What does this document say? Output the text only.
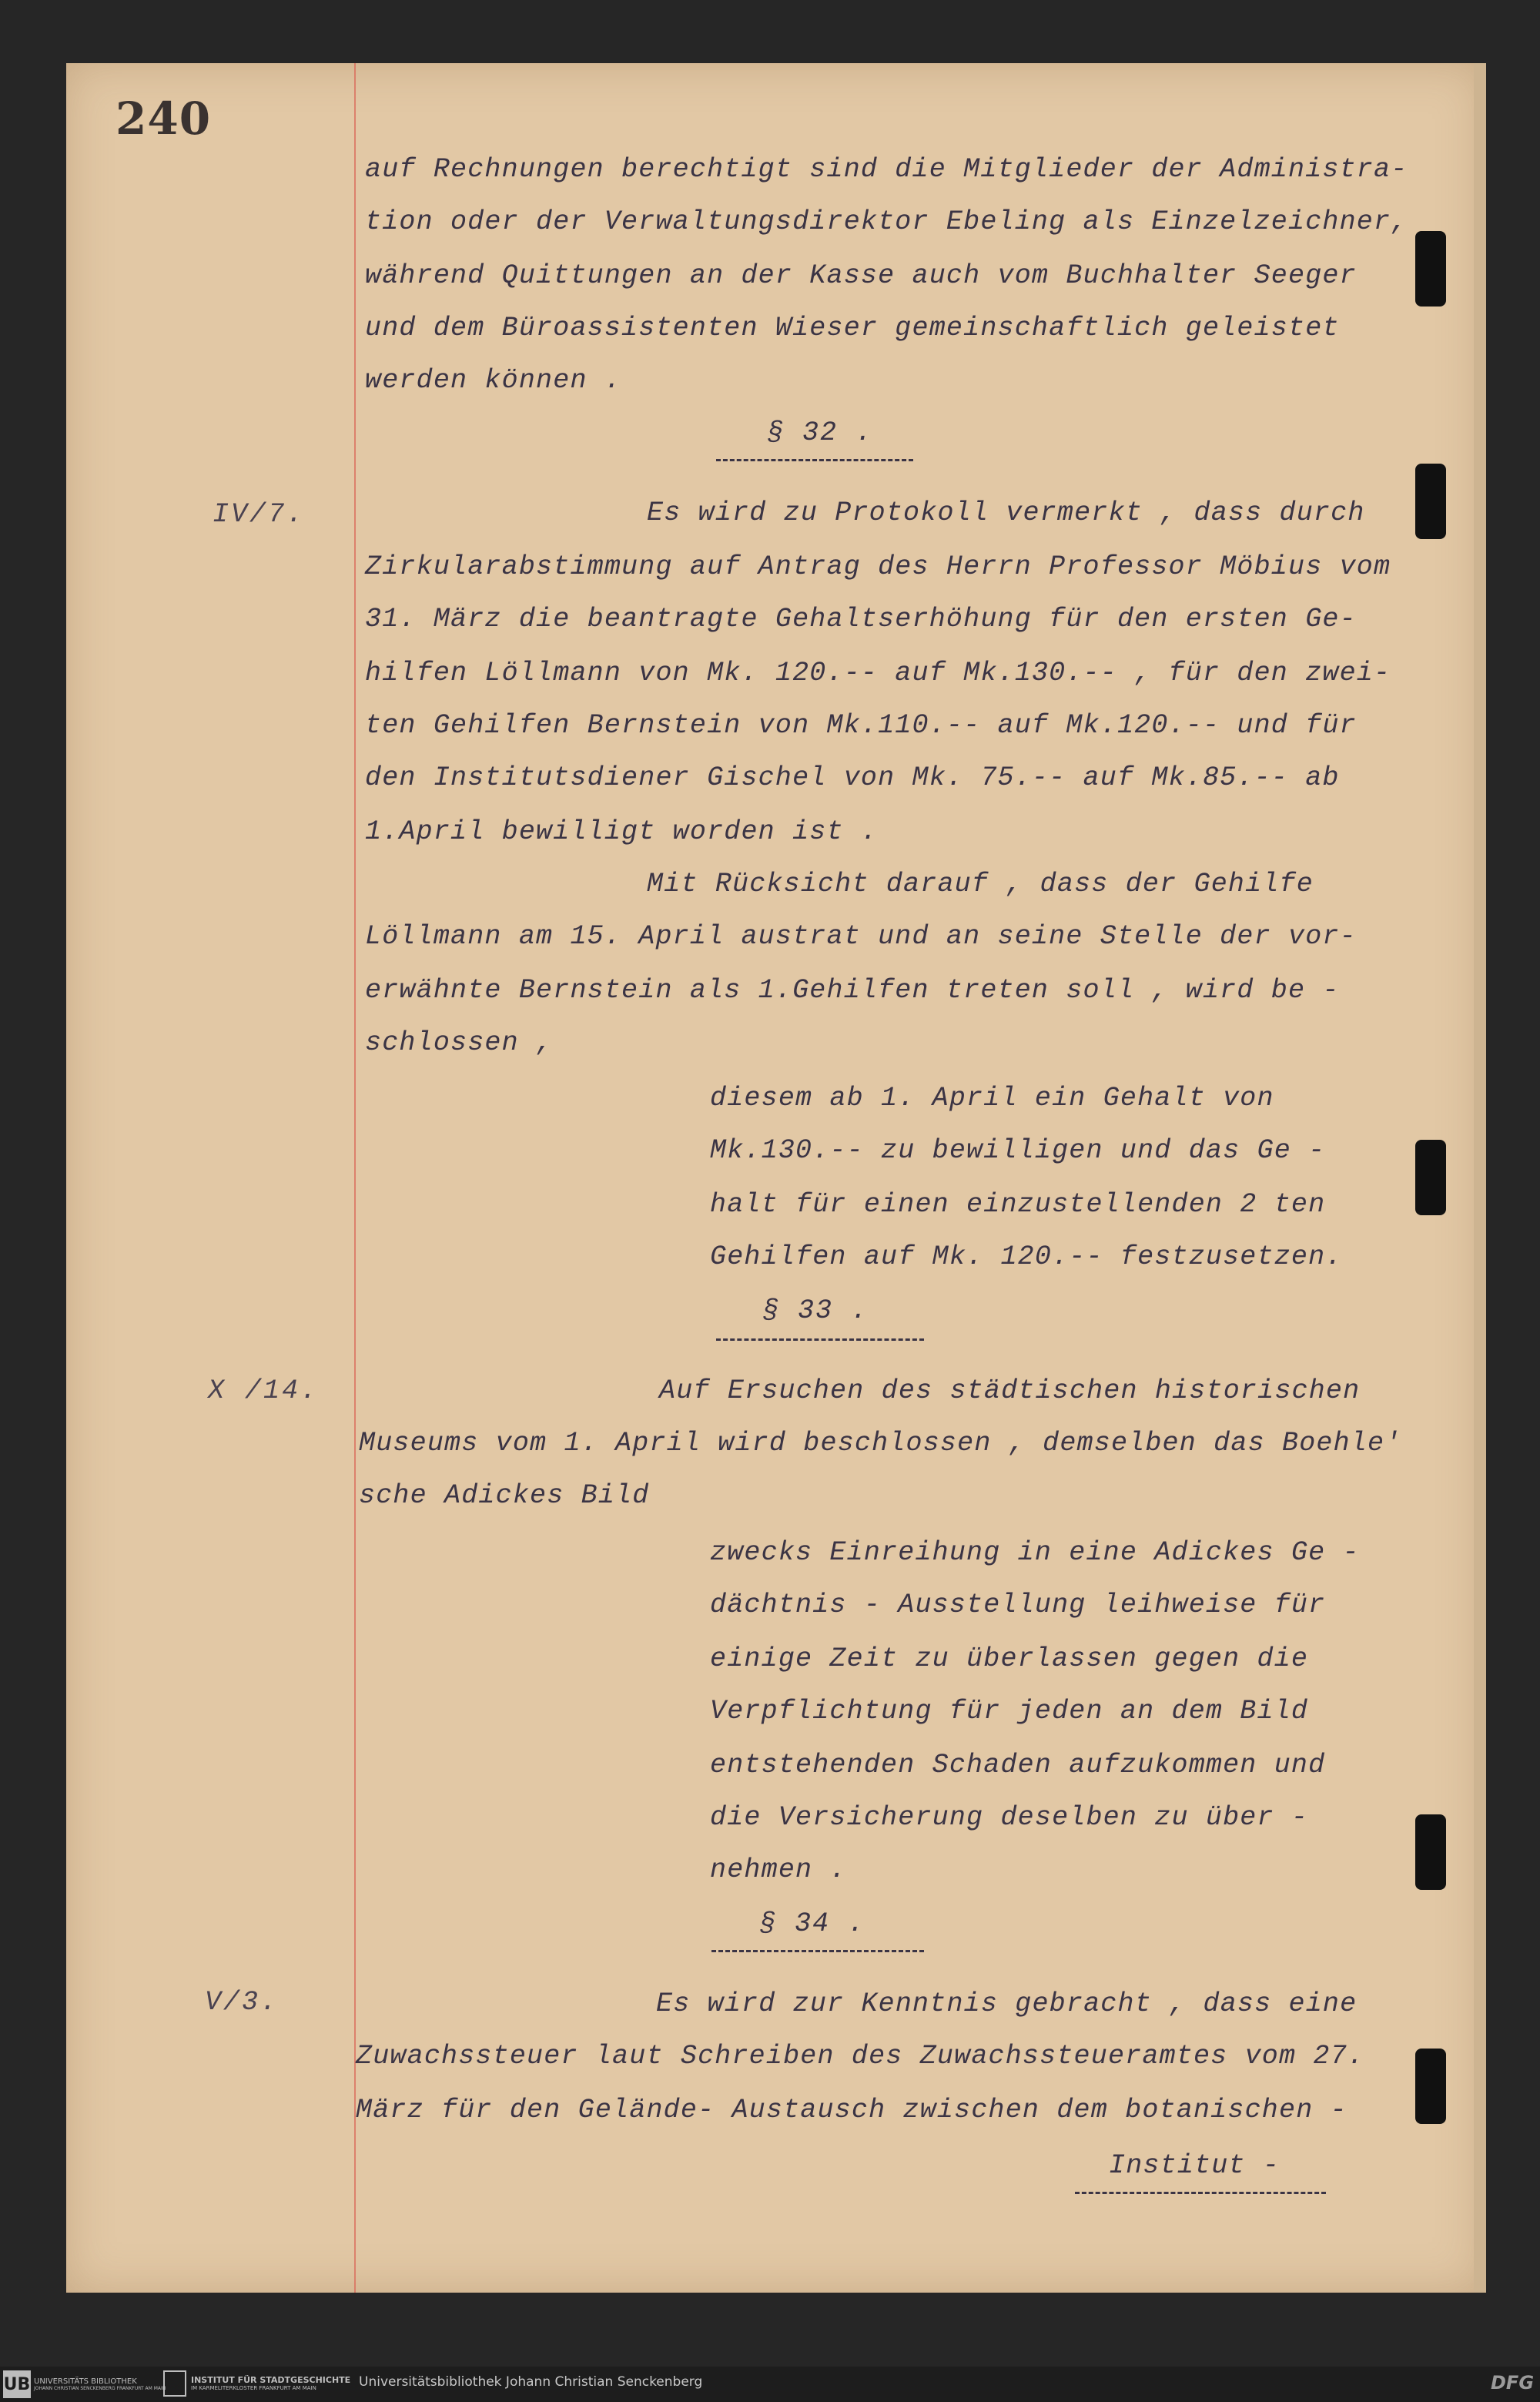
240
auf Rechnungen berechtigt sind die Mitglieder der Administra-
tion oder der Verwaltungsdirektor Ebeling als Einzelzeichner,
während Quittungen an der Kasse auch vom Buchhalter Seeger
und dem Büroassistenten Wieser gemeinschaftlich geleistet
werden können .
§ 32 .
IV/7.	Es wird zu Protokoll vermerkt , dass durch
Zirkularabstimmung auf Antrag des Herrn Professor Möbius vom
31. März die beantragte Gehaltserhöhung für den ersten Ge-
hilfen Löllmann von Mk. 120.-- auf Mk.130.-- , für den zwei-
ten Gehilfen Bernstein von Mk.110.-- auf Mk.120.-- und für
den Institutsdiener Gischel von Mk. 75.-- auf Mk.85.-- ab
1.April bewilligt worden ist .
Mit Rücksicht darauf , dass der Gehilfe
Löllmann am 15. April austrat und an seine Stelle der vor-
erwähnte Bernstein als 1.Gehilfen treten soll , wird be -
schlossen ,
diesem ab 1. April ein Gehalt von
Mk.130.-- zu bewilligen und das Ge -
halt für einen einzustellenden 2 ten
Gehilfen auf Mk. 120.-- festzusetzen.
§ 33 .
X /14.	Auf Ersuchen des städtischen historischen
Museums vom 1. April wird beschlossen , demselben das Boehle'
sche Adickes Bild
zwecks Einreihung in eine Adickes Ge -
dächtnis - Ausstellung leihweise für
einige Zeit zu überlassen gegen die
Verpflichtung für jeden an dem Bild
entstehenden Schaden aufzukommen und
die Versicherung deselben zu über -
nehmen .
§ 34 .
V/3.	Es wird zur Kenntnis gebracht , dass eine
Zuwachssteuer laut Schreiben des Zuwachssteueramtes vom 27.
März für den Gelände- Austausch zwischen dem botanischen -
Institut -
UB UNIVERSITÄTS BIBLIOTHEK
JOHANN CHRISTIAN SENCKENBERG FRANKFURT AM MAIN
INSTITUT FÜR STADTGESCHICHTE
IM KARMELITERKLOSTER FRANKFURT AM MAIN	Universitätsbibliothek Johann Christian Senckenberg	DFG
